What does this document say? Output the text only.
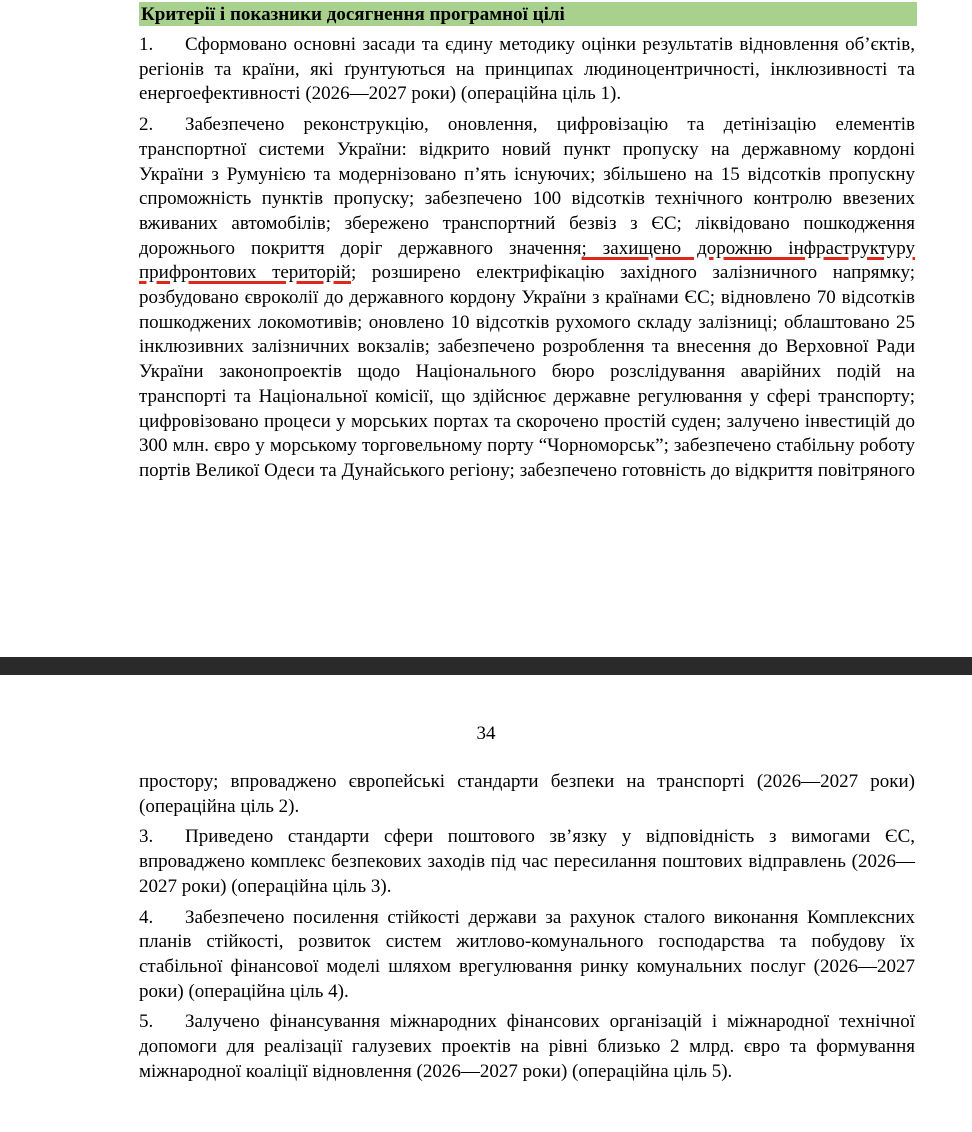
Критерії і показники досягнення програмної цілі

1. Сформовано основні засади та єдину методику оцінки результатів відновлення об’єктів, регіонів та країни, які ґрунтуються на принципах людиноцентричності, інклюзивності та енергоефективності (2026—2027 роки) (операційна ціль 1).

2. Забезпечено реконструкцію, оновлення, цифровізацію та детінізацію елементів транспортної системи України: відкрито новий пункт пропуску на державному кордоні України з Румунією та модернізовано п’ять існуючих; збільшено на 15 відсотків пропускну спроможність пунктів пропуску; забезпечено 100 відсотків технічного контролю ввезених вживаних автомобілів; збережено транспортний безвіз з ЄС; ліквідовано пошкодження дорожнього покриття доріг державного значення; захищено дорожню інфраструктуру прифронтових територій; розширено електрифікацію західного залізничного напрямку; розбудовано євроколії до державного кордону України з країнами ЄС; відновлено 70 відсотків пошкоджених локомотивів; оновлено 10 відсотків рухомого складу залізниці; облаштовано 25 інклюзивних залізничних вокзалів; забезпечено розроблення та внесення до Верховної Ради України законопроектів щодо Національного бюро розслідування аварійних подій на транспорті та Національної комісії, що здійснює державне регулювання у сфері транспорту; цифровізовано процеси у морських портах та скорочено простій суден; залучено інвестицій до 300 млн. євро у морському торговельному порту “Чорноморськ”; забезпечено стабільну роботу портів Великої Одеси та Дунайського регіону; забезпечено готовність до відкриття повітряного

34

простору; впроваджено європейські стандарти безпеки на транспорті (2026—2027 роки) (операційна ціль 2).

3. Приведено стандарти сфери поштового зв’язку у відповідність з вимогами ЄС, впроваджено комплекс безпекових заходів під час пересилання поштових відправлень (2026—2027 роки) (операційна ціль 3).

4. Забезпечено посилення стійкості держави за рахунок сталого виконання Комплексних планів стійкості, розвиток систем житлово-комунального господарства та побудову їх стабільної фінансової моделі шляхом врегулювання ринку комунальних послуг (2026—2027 роки) (операційна ціль 4).

5. Залучено фінансування міжнародних фінансових організацій і міжнародної технічної допомоги для реалізації галузевих проектів на рівні близько 2 млрд. євро та формування міжнародної коаліції відновлення (2026—2027 роки) (операційна ціль 5).
